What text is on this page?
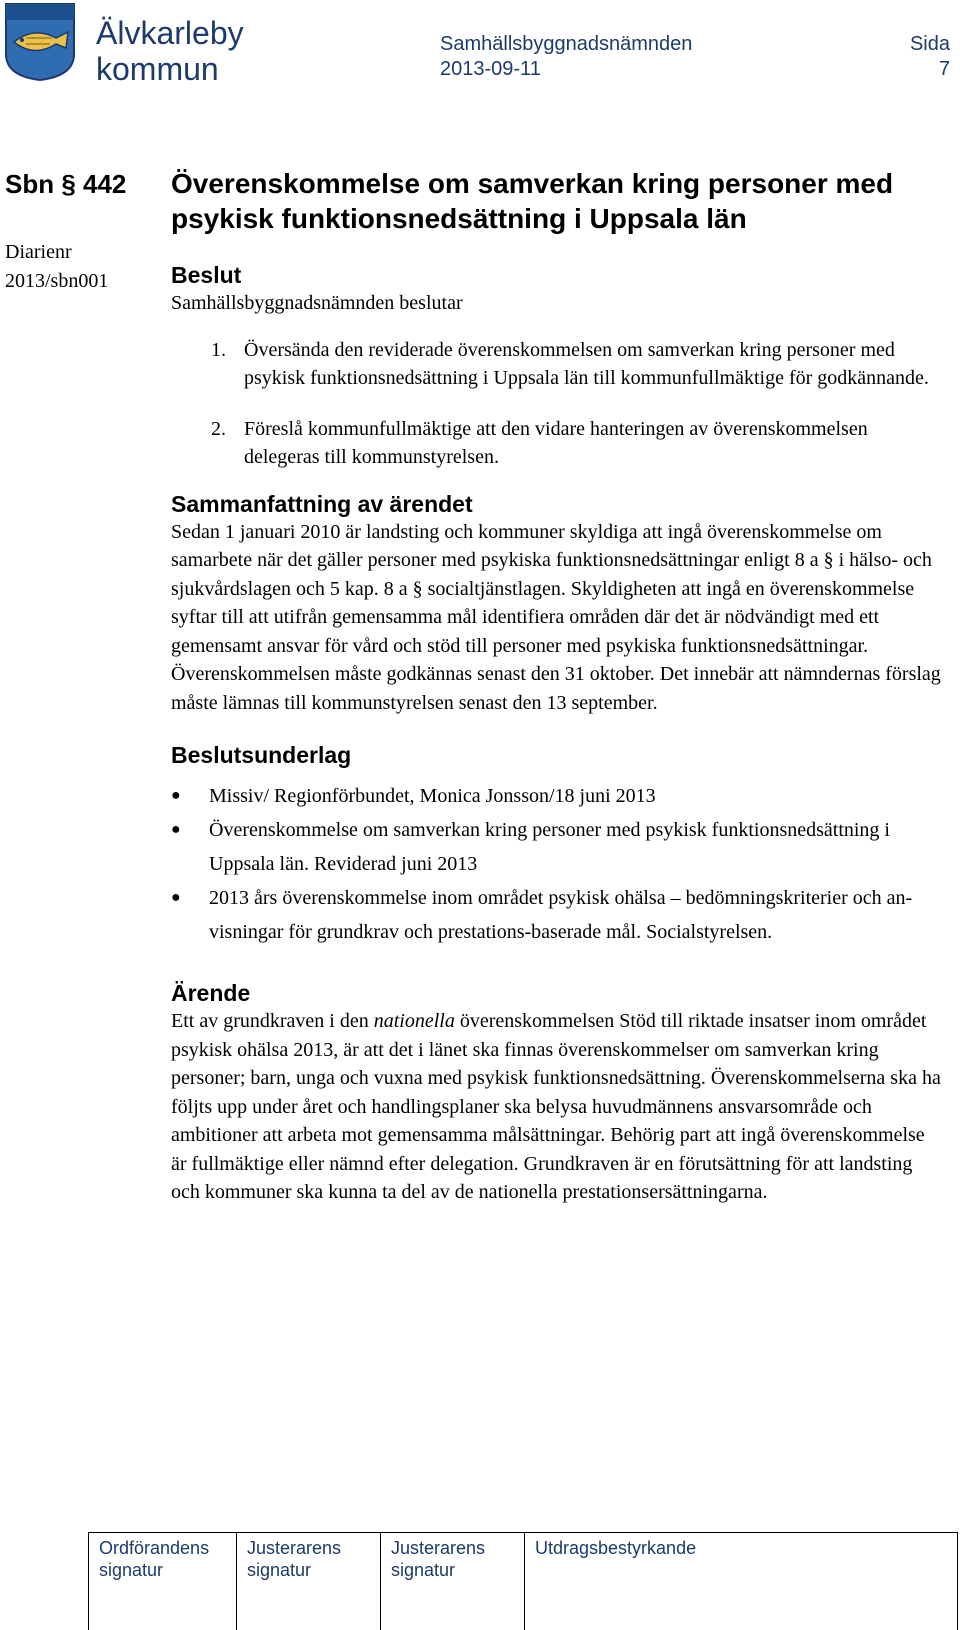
Älvkarleby
kommun
Samhällsbyggnadsnämnden
2013-09-11
Sida
7
Sbn § 442
Diarienr
2013/sbn001
Överenskommelse om samverkan kring personer med psykisk funktionsnedsättning i Uppsala län
Beslut

Samhällsbyggnadsnämnden beslutar

1. Översända den reviderade överenskommelsen om samverkan kring personer med psykisk funktionsnedsättning i Uppsala län till kommunfullmäktige för godkännande.
2. Föreslå kommunfullmäktige att den vidare hanteringen av överenskommelsen delegeras till kommunstyrelsen.
Sammanfattning av ärendet

Sedan 1 januari 2010 är landsting och kommuner skyldiga att ingå överenskommelse om samarbete när det gäller personer med psykiska funktionsnedsättningar enligt 8 a § i hälso- och sjukvårdslagen och 5 kap. 8 a § socialtjänstlagen. Skyldigheten att ingå en överenskommelse syftar till att utifrån gemensamma mål identifiera områden där det är nödvändigt med ett gemensamt ansvar för vård och stöd till personer med psykiska funktionsnedsättningar.

Överenskommelsen måste godkännas senast den 31 oktober. Det innebär att nämndernas förslag måste lämnas till kommunstyrelsen senast den 13 september.

Beslutsunderlag
●	Missiv/ Regionförbundet, Monica Jonsson/18 juni 2013
●	Överenskommelse om samverkan kring personer med psykisk funktionsnedsättning i Uppsala län. Reviderad juni 2013
●	2013 års överenskommelse inom området psykisk ohälsa – bedömningskriterier och an-visningar för grundkrav och prestations-baserade mål. Socialstyrelsen.
Ärende

Ett av grundkraven i den nationella överenskommelsen Stöd till riktade insatser inom området psykisk ohälsa 2013, är att det i länet ska finnas överenskommelser om samverkan kring personer; barn, unga och vuxna med psykisk funktionsnedsättning. Överenskommelserna ska ha följts upp under året och handlingsplaner ska belysa huvudmännens ansvarsområde och ambitioner att arbeta mot gemensamma målsättningar. Behörig part att ingå överenskommelse är fullmäktige eller nämnd efter delegation. Grundkraven är en förutsättning för att landsting och kommuner ska kunna ta del av de nationella prestationsersättningarna.

Ordförandens
signatur
Justerarens
signatur
Justerarens
signatur
Utdragsbestyrkande
